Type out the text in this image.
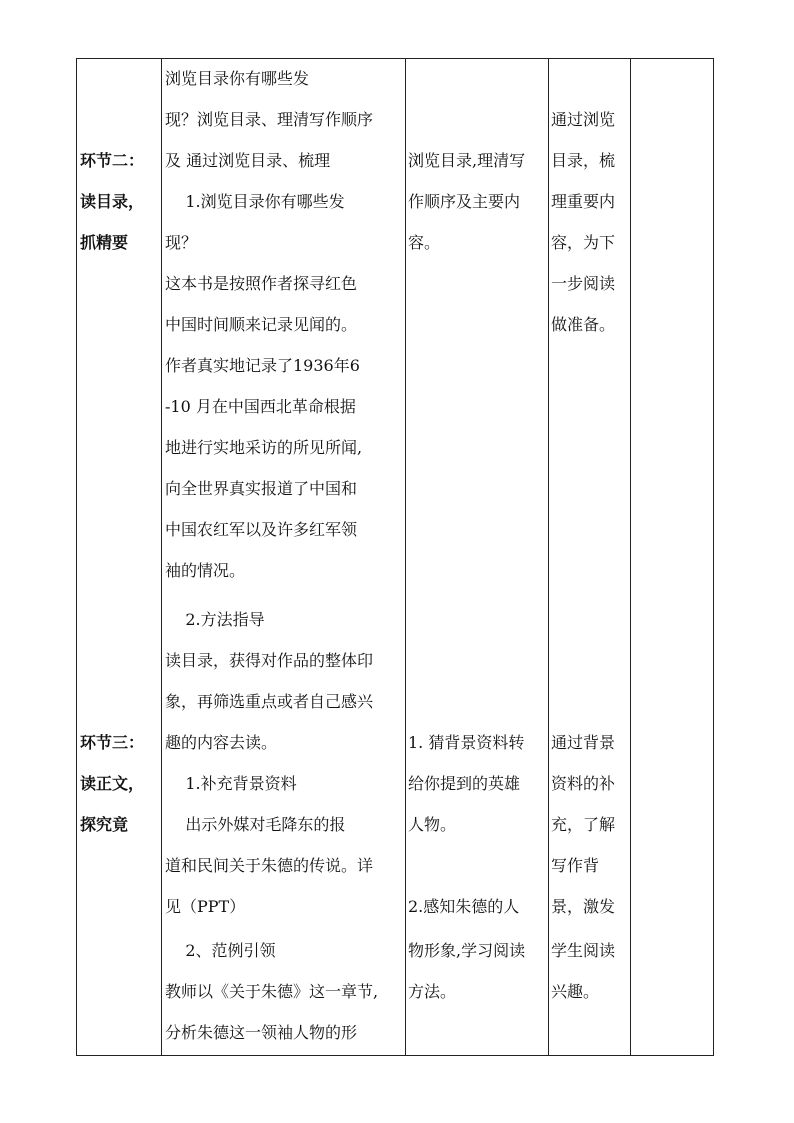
环节二：
读目录，
抓精要
环节三：
读正文，
探究竟
浏览目录你有哪些发
现？浏览目录、理清写作顺序
及 通过浏览目录、梳理
1.浏览目录你有哪些发
现？
这本书是按照作者探寻红色
中国时间顺来记录见闻的。
作者真实地记录了1936年6
-10 月在中国西北革命根据
地进行实地采访的所见所闻,
向全世界真实报道了中国和
中国农红军以及许多红军领
袖的情况。
2.方法指导
读目录，获得对作品的整体印
象，再筛选重点或者自己感兴
趣的内容去读。
1.补充背景资料
出示外媒对毛降东的报
道和民间关于朱德的传说。详
见（PPT）
2、范例引领
教师以《关于朱德》这一章节,
分析朱德这一领袖人物的形
浏览目录,理清写
作顺序及主要内
容。
1. 猜背景资料转
给你提到的英雄
人物。
2.感知朱德的人
物形象,学习阅读
方法。
通过浏览
目录，梳
理重要内
容，为下
一步阅读
做准备。
通过背景
资料的补
充，了解
写作背
景，激发
学生阅读
兴趣。
